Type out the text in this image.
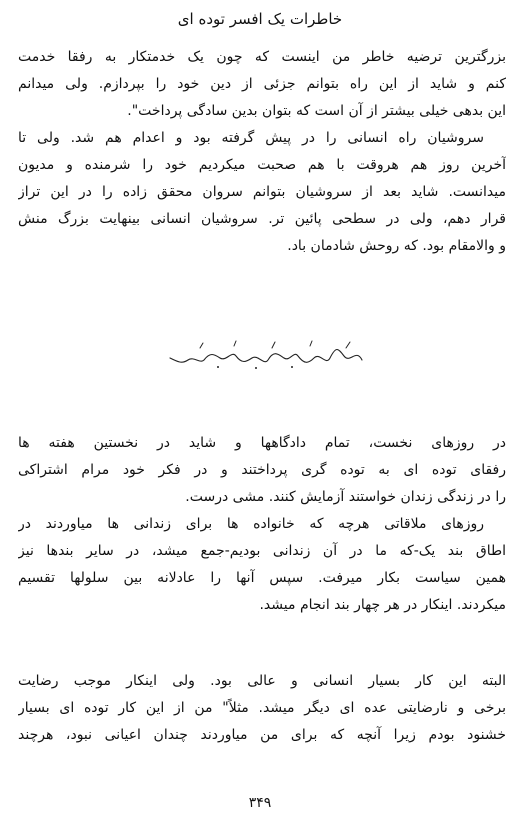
خاطرات یک افسر توده ای
بزرگترین ترضیه خاطر من اینست که چون یک خدمتکار به رفقا خدمت
کنم و شاید از این راه بتوانم جزئی از دین خود را بپردازم. ولی میدانم
این بدهی خیلی بیشتر از آن است که بتوان بدین سادگی پرداخت".
سروشیان راه انسانی را در پیش گرفته بود و اعدام هم شد. ولی تا
آخرین روز هم هروقت با هم صحبت میکردیم خود را شرمنده و مدیون
میدانست. شاید بعد از سروشیان بتوانم سروان محقق زاده را در این تراز
قرار دهم، ولی در سطحی پائین تر. سروشیان انسانی بینهایت بزرگ منش
و والامقام بود. که روحش شادمان باد.
در روزهای نخست، تمام دادگاهها و شاید در نخستین هفته ها
رفقای توده ای به توده گری پرداختند و در فکر خود مرام اشتراکی
را در زندگی زندان خواستند آزمایش کنند. مشی درست.
روزهای ملاقاتی هرچه که خانواده ها برای زندانی ها میاوردند در
اطاق بند یک-که ما در آن زندانی بودیم-جمع میشد، در سایر بندها نیز
همین سیاست بکار میرفت. سپس آنها را عادلانه بین سلولها تقسیم
میکردند. اینکار در هر چهار بند انجام میشد.
البته این کار بسیار انسانی و عالی بود. ولی اینکار موجب رضایت
برخی و نارضایتی عده ای دیگر میشد. مثلاً" من از این کار توده ای بسیار
خشنود بودم زیرا آنچه که برای من میاوردند چندان اعیانی نبود، هرچند
۳۴۹
